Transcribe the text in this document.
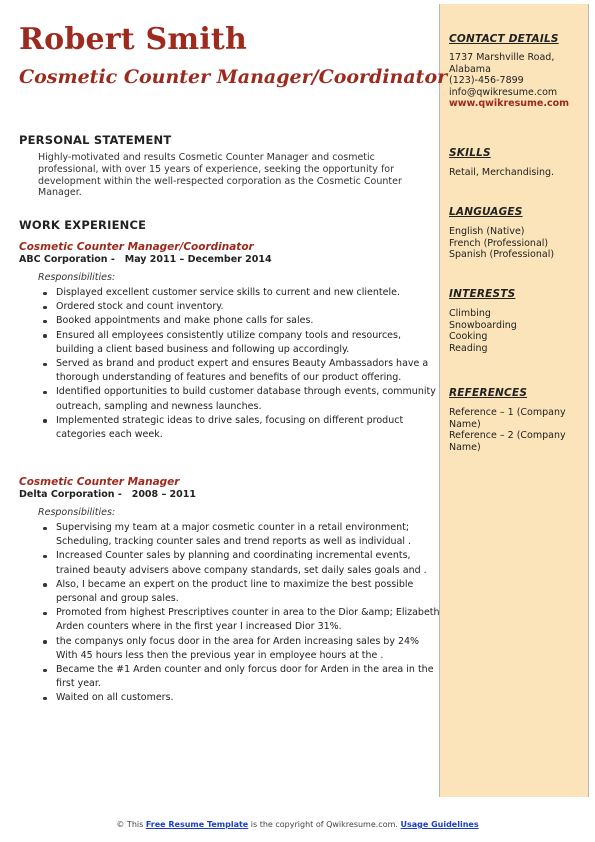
CONTACT DETAILS
1737 Marshville Road,
Alabama
(123)-456-7899
info@qwikresume.com
www.qwikresume.com
SKILLS
Retail, Merchandising.
LANGUAGES
English (Native)
French (Professional)
Spanish (Professional)
INTERESTS
Climbing
Snowboarding
Cooking
Reading
REFERENCES
Reference – 1 (Company Name)
Reference – 2 (Company Name)
Robert Smith
Cosmetic Counter Manager/Coordinator
PERSONAL STATEMENT
Highly-motivated and results Cosmetic Counter Manager and cosmetic professional, with over 15 years of experience, seeking the opportunity for development within the well-respected corporation as the Cosmetic Counter Manager.
WORK EXPERIENCE
Cosmetic Counter Manager/Coordinator
ABC Corporation -   May 2011 – December 2014
Responsibilities:
Displayed excellent customer service skills to current and new clientele.
Ordered stock and count inventory.
Booked appointments and make phone calls for sales.
Ensured all employees consistently utilize company tools and resources, building a client based business and following up accordingly.
Served as brand and product expert and ensures Beauty Ambassadors have a thorough understanding of features and benefits of our product offering.
Identified opportunities to build customer database through events, community outreach, sampling and newness launches.
Implemented strategic ideas to drive sales, focusing on different product categories each week.
Cosmetic Counter Manager
Delta Corporation -   2008 – 2011
Responsibilities:
Supervising my team at a major cosmetic counter in a retail environment; Scheduling, tracking counter sales and trend reports as well as individual .
Increased Counter sales by planning and coordinating incremental events, trained beauty advisers above company standards, set daily sales goals and .
Also, I became an expert on the product line to maximize the best possible personal and group sales.
Promoted from highest Prescriptives counter in area to the Dior &amp; Elizabeth Arden counters where in the first year I increased Dior 31%.
the companys only focus door in the area for Arden increasing sales by 24% With 45 hours less then the previous year in employee hours at the .
Became the #1 Arden counter and only forcus door for Arden in the area in the first year.
Waited on all customers.
© This Free Resume Template is the copyright of Qwikresume.com. Usage Guidelines
